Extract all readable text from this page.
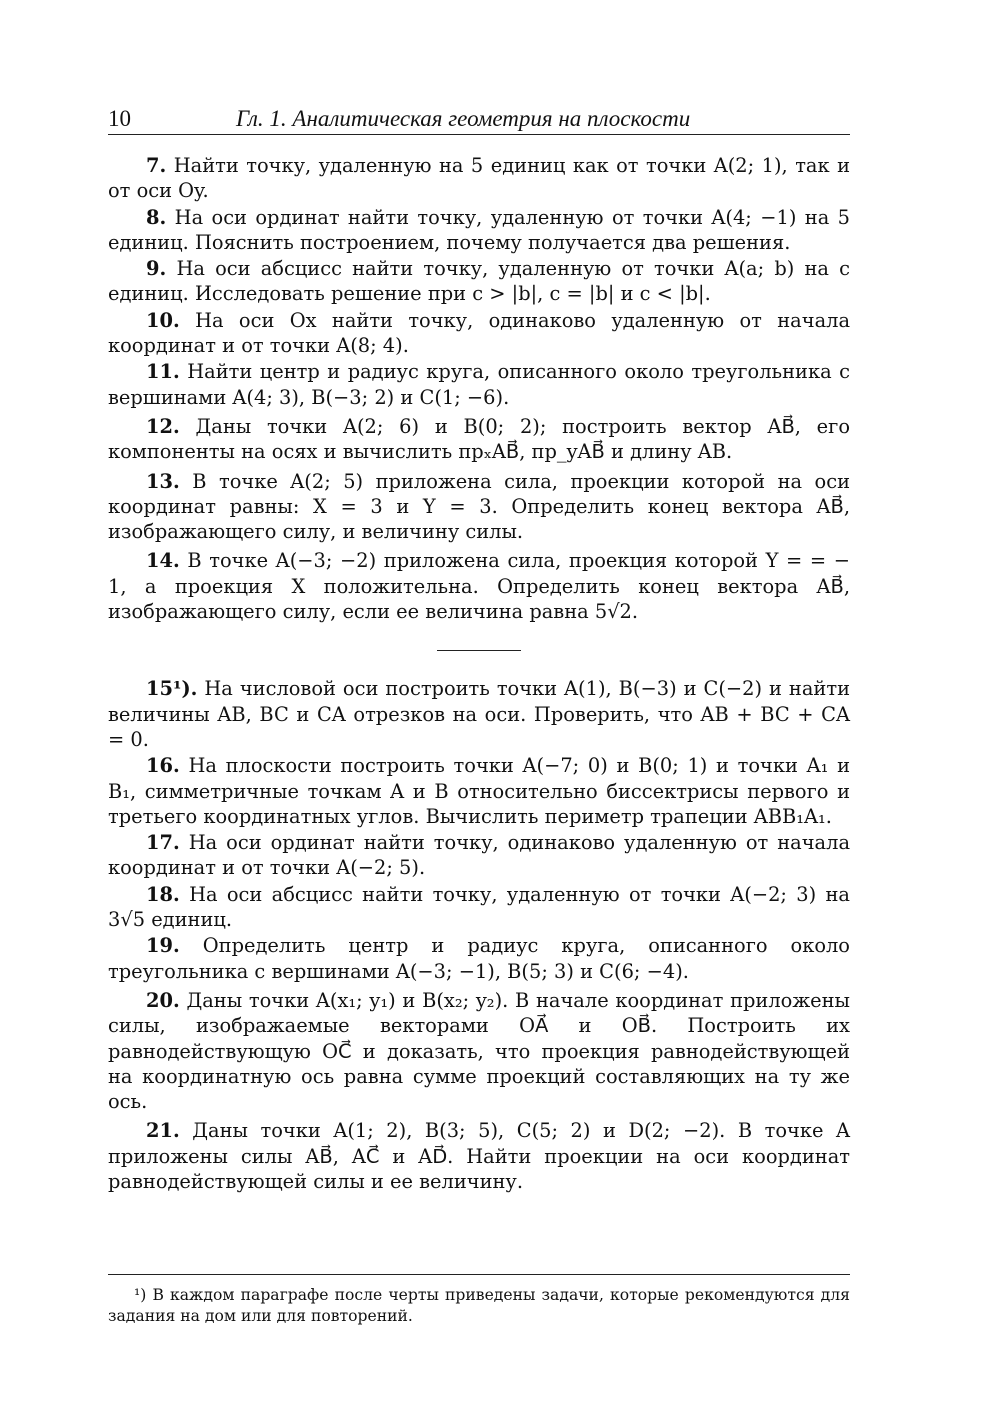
10	Гл. 1. Аналитическая геометрия на плоскости

7. Найти точку, удаленную на 5 единиц как от точки A(2; 1), так и от оси Oy.

8. На оси ординат найти точку, удаленную от точки A(4; −1) на 5 единиц. Пояснить построением, почему получается два решения.

9. На оси абсцисс найти точку, удаленную от точки A(a; b) на c единиц. Исследовать решение при c > |b|, c = |b| и c < |b|.

10. На оси Ox найти точку, одинаково удаленную от начала координат и от точки A(8; 4).

11. Найти центр и радиус круга, описанного около треугольника с вершинами A(4; 3), B(−3; 2) и C(1; −6).

12. Даны точки A(2; 6) и B(0; 2); построить вектор AB⃗, его компоненты на осях и вычислить прₓAB⃗, пр_yAB⃗ и длину AB.

13. В точке A(2; 5) приложена сила, проекции которой на оси координат равны: X = 3 и Y = 3. Определить конец вектора AB⃗, изображающего силу, и величину силы.

14. В точке A(−3; −2) приложена сила, проекция которой Y = = − 1, а проекция X положительна. Определить конец вектора AB⃗, изображающего силу, если ее величина равна 5√2.

15¹). На числовой оси построить точки A(1), B(−3) и C(−2) и найти величины AB, BC и CA отрезков на оси. Проверить, что AB + BC + CA = 0.

16. На плоскости построить точки A(−7; 0) и B(0; 1) и точки A₁ и B₁, симметричные точкам A и B относительно биссектрисы первого и третьего координатных углов. Вычислить периметр трапеции ABB₁A₁.

17. На оси ординат найти точку, одинаково удаленную от начала координат и от точки A(−2; 5).

18. На оси абсцисс найти точку, удаленную от точки A(−2; 3) на 3√5 единиц.

19. Определить центр и радиус круга, описанного около треугольника с вершинами A(−3; −1), B(5; 3) и C(6; −4).

20. Даны точки A(x₁; y₁) и B(x₂; y₂). В начале координат приложены силы, изображаемые векторами OA⃗ и OB⃗. Построить их равнодействующую OC⃗ и доказать, что проекция равнодействующей на координатную ось равна сумме проекций составляющих на ту же ось.

21. Даны точки A(1; 2), B(3; 5), C(5; 2) и D(2; −2). В точке A приложены силы AB⃗, AC⃗ и AD⃗. Найти проекции на оси координат равнодействующей силы и ее величину.

¹) В каждом параграфе после черты приведены задачи, которые рекомендуются для задания на дом или для повторений.
